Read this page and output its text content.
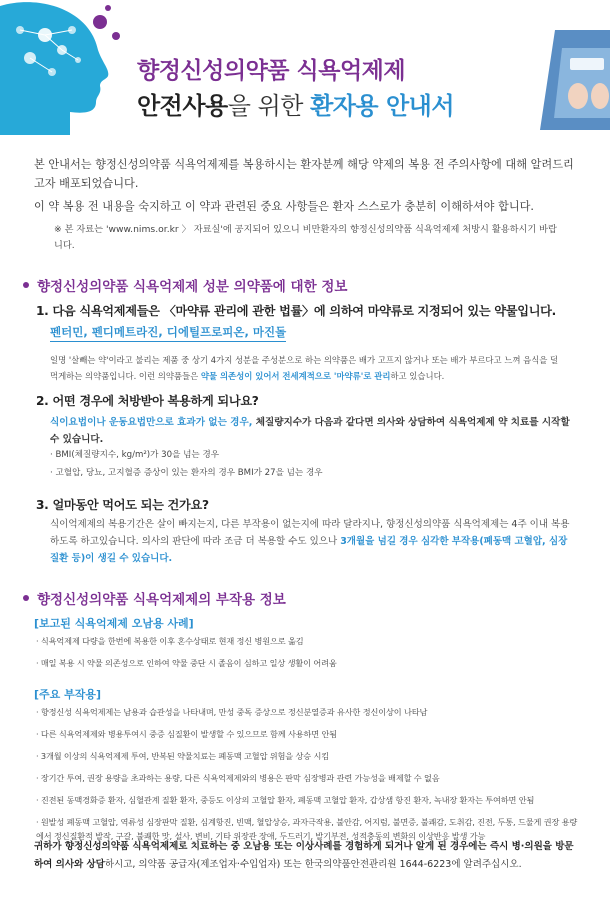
향정신성의약품 식욕억제제
안전사용을 위한 환자용 안내서

본 안내서는 향정신성의약품 식욕억제제를 복용하시는 환자분께 해당 약제의 복용 전 주의사항에 대해 알려드리고자 배포되었습니다.

이 약 복용 전 내용을 숙지하고 이 약과 관련된 중요 사항들은 환자 스스로가 충분히 이해하셔야 합니다.

※ 본 자료는 'www.nims.or.kr 〉 자료실'에 공지되어 있으니 비만환자의 향정신성의약품 식욕억제제 처방시 활용하시기 바랍니다.
향정신성의약품 식욕억제제 성분 의약품에 대한 정보
1. 다음 식욕억제제들은 〈마약류 관리에 관한 법률〉에 의하여 마약류로 지정되어 있는 약물입니다.
펜터민, 펜디메트라진, 디에틸프로피온, 마진돌
일명 '살빼는 약'이라고 불리는 제품 중 상기 4가지 성분을 주성분으로 하는 의약품은 배가 고프지 않거나 또는 배가 부르다고 느껴 음식을 덜
먹게하는 의약품입니다. 이런 의약품들은 약물 의존성이 있어서 전세계적으로 '마약류'로 관리하고 있습니다.
2. 어떤 경우에 처방받아 복용하게 되나요?
식이요법이나 운동요법만으로 효과가 없는 경우, 체질량지수가 다음과 같다면 의사와 상담하여 식욕억제제 약 치료를 시작할 수 있습니다.
· BMI(체질량지수, kg/m²)가 30을 넘는 경우
· 고혈압, 당뇨, 고지혈증 증상이 있는 환자의 경우 BMI가 27을 넘는 경우
3. 얼마동안 먹어도 되는 건가요?
식이억제제의 복용기간은 살이 빠지는지, 다른 부작용이 없는지에 따라 달라지나, 향정신성의약품 식욕억제제는 4주 이내 복용하도록 하고있습니다. 의사의 판단에 따라 조금 더 복용할 수도 있으나 3개월을 넘길 경우 심각한 부작용(폐동맥 고혈압, 심장질환 등)이 생길 수 있습니다.
향정신성의약품 식욕억제제의 부작용 정보
[보고된 식욕억제제 오남용 사례]
· 식욕억제제 다량을 한번에 복용한 이후 혼수상태로 현재 정신 병원으로 옮김
· 매일 복용 시 약물 의존성으로 인하여 약물 중단 시 졸음이 심하고 일상 생활이 어려움
[주요 부작용]
· 향정신성 식욕억제제는 남용과 습관성을 나타내며, 만성 중독 증상으로 정신분열증과 유사한 정신이상이 나타남
· 다른 식욕억제제와 병용투여시 중증 심질환이 발생할 수 있으므로 함께 사용하면 안됨
· 3개월 이상의 식욕억제제 투여, 반복된 약물치료는 폐동맥 고혈압 위험을 상승 시킴
· 장기간 투여, 권장 용량을 초과하는 용량, 다른 식욕억제제와의 병용은 판막 심장병과 관련 가능성을 배제할 수 없음
· 진전된 동맥경화증 환자, 심혈관계 질환 환자, 중등도 이상의 고혈압 환자, 폐동맥 고혈압 환자, 갑상샘 항진 환자, 녹내장 환자는 투여하면 안됨
· 원발성 폐동맥 고혈압, 역류성 심장판막 질환, 심계항진, 빈맥, 혈압상승, 과자극작용, 불안감, 어지럼, 불면증, 불쾌감, 도취감, 진전, 두통, 드물게 권장 용량에서 정신질환적 발작, 구갈, 불쾌한 맛, 설사, 변비, 기타 위장관 장애, 두드러기, 발기부전, 성적충동의 변화의 이상반응 발생 가능
귀하가 향정신성의약품 식욕억제제로 치료하는 중 오남용 또는 이상사례를 경험하게 되거나 알게 된 경우에는 즉시 병·의원을 방문하여 의사와 상담하시고, 의약품 공급자(제조업자·수입업자) 또는 한국의약품안전관리원 1644-6223에 알려주십시오.
